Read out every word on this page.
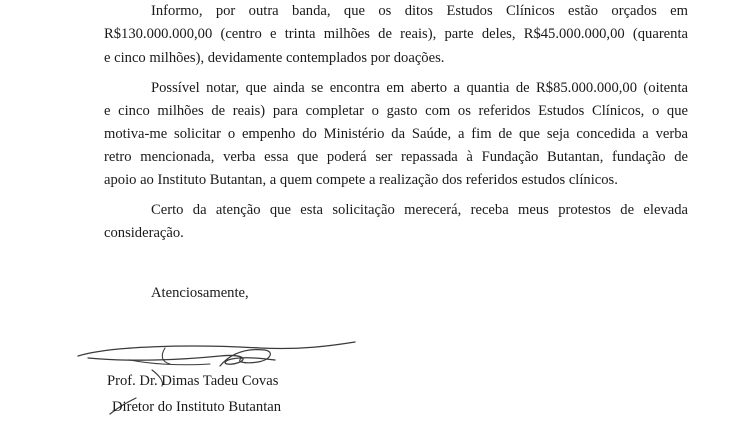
Informo, por outra banda, que os ditos Estudos Clínicos estão orçados em
R$130.000.000,00 (centro e trinta milhões de reais), parte deles, R$45.000.000,00 (quarenta
e cinco milhões), devidamente contemplados por doações.
Possível notar, que ainda se encontra em aberto a quantia de R$85.000.000,00 (oitenta
e cinco milhões de reais) para completar o gasto com os referidos Estudos Clínicos, o que
motiva-me solicitar o empenho do Ministério da Saúde, a fim de que seja concedida a verba
retro mencionada, verba essa que poderá ser repassada à Fundação Butantan, fundação de
apoio ao Instituto Butantan, a quem compete a realização dos referidos estudos clínicos.
Certo da atenção que esta solicitação merecerá, receba meus protestos de elevada
consideração.
Atenciosamente,
Prof. Dr. Dimas Tadeu Covas
Diretor do Instituto Butantan
